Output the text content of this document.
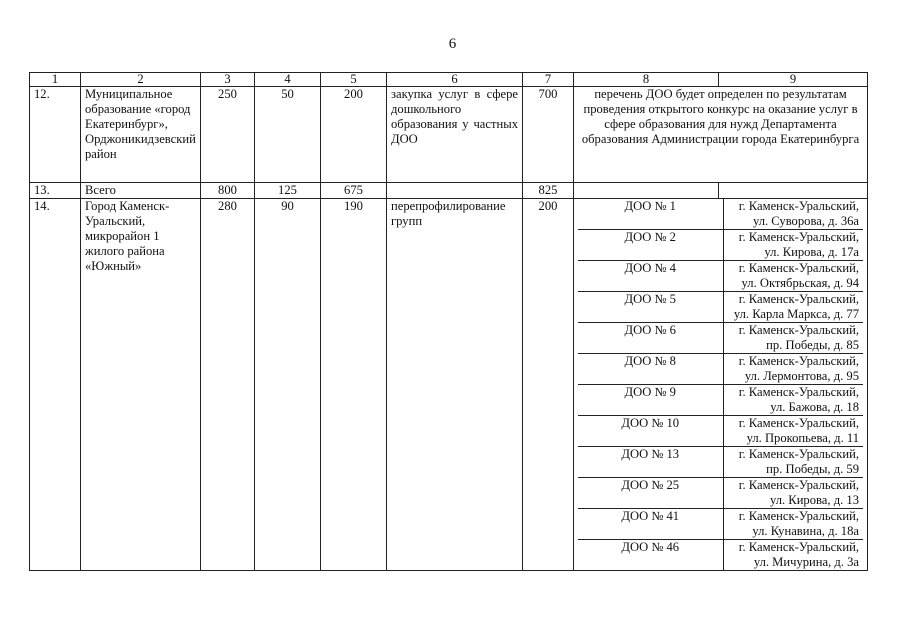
6
1	2	3	4	5	6	7	8	9
12.	Муниципальное образование «город Екатеринбург», Орджоникидзевский район	250	50	200	закупка услуг в сфере дошкольного образования у частных ДОО	700	перечень ДОО будет определен по результатам проведения открытого конкурс на оказание услуг в сфере образования для нужд Департамента образования Администрации города Екатеринбурга
13.	Всего	800	125	675		825		
14.	Город Каменск-Уральский, микрорайон 1 жилого района «Южный»	280	90	190	перепрофилирование групп	200		ДОО № 1	г. Каменск-Уральский, ул. Суворова, д. 36а
ДОО № 2	г. Каменск-Уральский, ул. Кирова, д. 17а
ДОО № 4	г. Каменск-Уральский, ул. Октябрьская, д. 94
ДОО № 5	г. Каменск-Уральский, ул. Карла Маркса, д. 77
ДОО № 6	г. Каменск-Уральский, пр. Победы, д. 85
ДОО № 8	г. Каменск-Уральский, ул. Лермонтова, д. 95
ДОО № 9	г. Каменск-Уральский, ул. Бажова, д. 18
ДОО № 10	г. Каменск-Уральский, ул. Прокопьева, д. 11
ДОО № 13	г. Каменск-Уральский, пр. Победы, д. 59
ДОО № 25	г. Каменск-Уральский, ул. Кирова, д. 13
ДОО № 41	г. Каменск-Уральский, ул. Кунавина, д. 18а
ДОО № 46	г. Каменск-Уральский, ул. Мичурина, д. 3а
